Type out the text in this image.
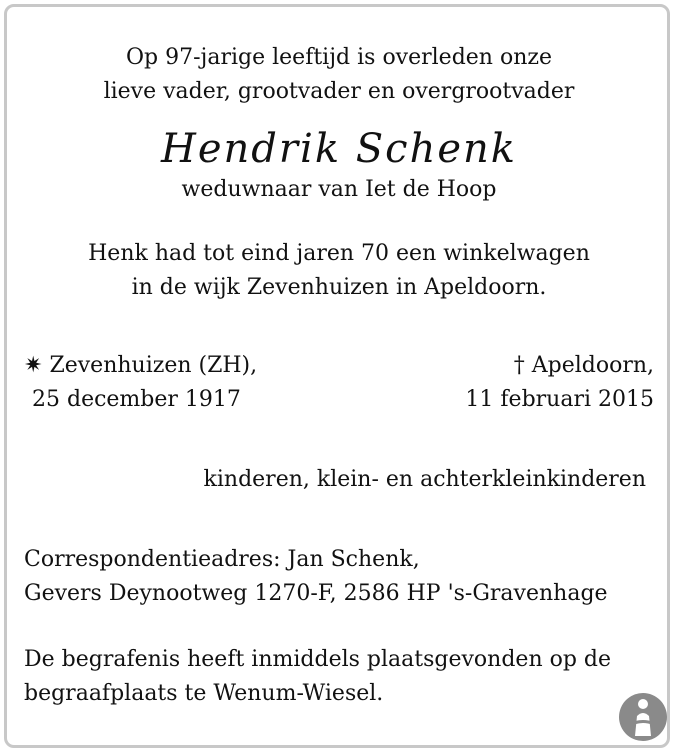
Op 97-jarige leeftijd is overleden onze
lieve vader, grootvader en overgrootvader
Hendrik Schenk
weduwnaar van Iet de Hoop
Henk had tot eind jaren 70 een winkelwagen
in de wijk Zevenhuizen in Apeldoorn.
✷ Zevenhuizen (ZH),
25 december 1917
† Apeldoorn,
11 februari 2015
kinderen, klein- en achterkleinkinderen
Correspondentieadres: Jan Schenk,
Gevers Deynootweg 1270-F, 2586 HP 's-Gravenhage
De begrafenis heeft inmiddels plaatsgevonden op de
begraafplaats te Wenum-Wiesel.
